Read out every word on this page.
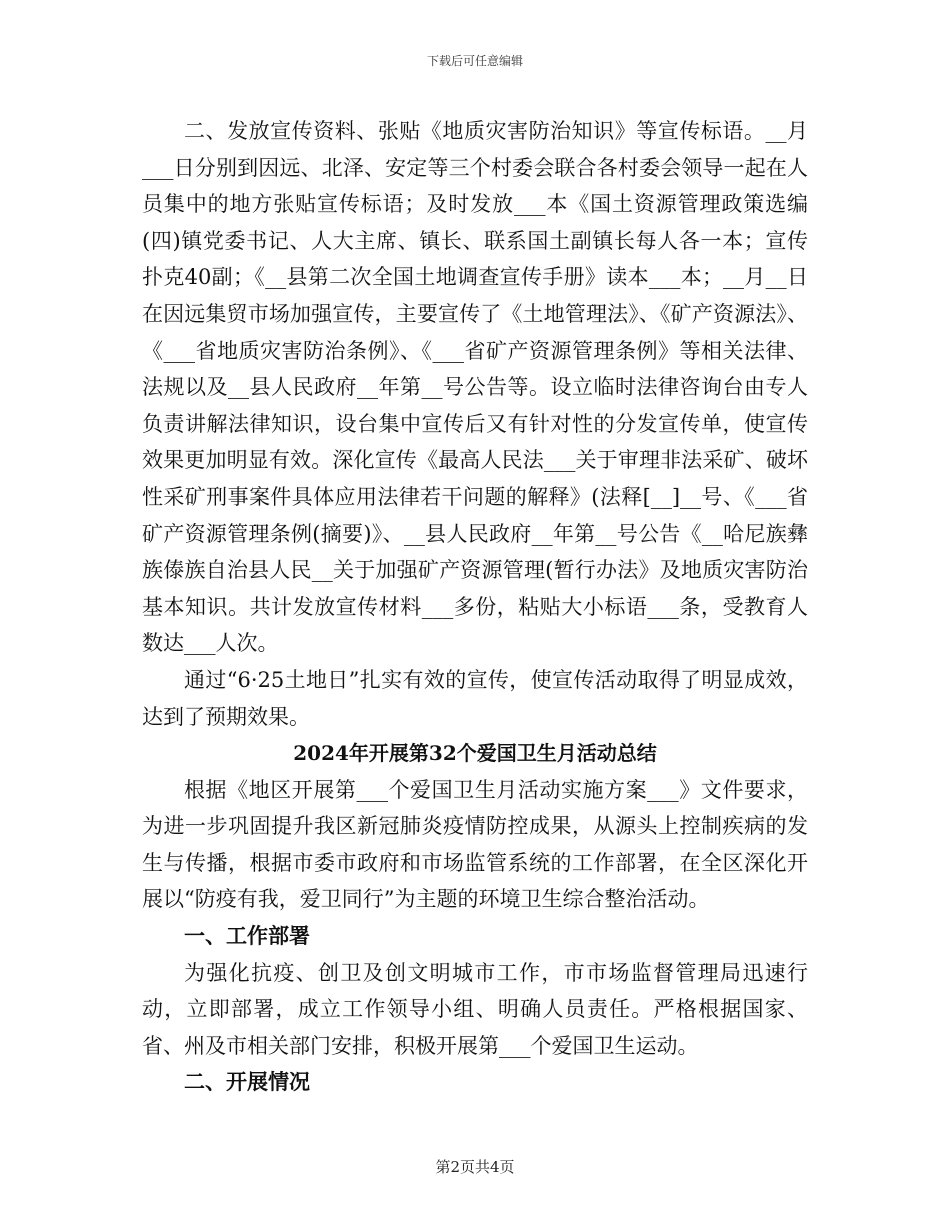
下载后可任意编辑

二、发放宣传资料、张贴《地质灾害防治知识》等宣传标语。__月___日分别到因远、北泽、安定等三个村委会联合各村委会领导一起在人员集中的地方张贴宣传标语；及时发放___本《国土资源管理政策选编(四)镇党委书记、人大主席、镇长、联系国土副镇长每人各一本；宣传扑克40副；《__县第二次全国土地调查宣传手册》读本___本；__月__日在因远集贸市场加强宣传，主要宣传了《土地管理法》、《矿产资源法》、《___省地质灾害防治条例》、《___省矿产资源管理条例》等相关法律、法规以及__县人民政府__年第__号公告等。设立临时法律咨询台由专人负责讲解法律知识，设台集中宣传后又有针对性的分发宣传单，使宣传效果更加明显有效。深化宣传《最高人民法___关于审理非法采矿、破坏性采矿刑事案件具体应用法律若干问题的解释》(法释[__]__号、《___省矿产资源管理条例(摘要)》、__县人民政府__年第__号公告《__哈尼族彝族傣族自治县人民__关于加强矿产资源管理(暂行办法》及地质灾害防治基本知识。共计发放宣传材料___多份，粘贴大小标语___条，受教育人数达___人次。

通过“6·25土地日”扎实有效的宣传，使宣传活动取得了明显成效，达到了预期效果。

2024年开展第32个爱国卫生月活动总结

根据《地区开展第___个爱国卫生月活动实施方案___》文件要求，为进一步巩固提升我区新冠肺炎疫情防控成果，从源头上控制疾病的发生与传播，根据市委市政府和市场监管系统的工作部署，在全区深化开展以“防疫有我，爱卫同行”为主题的环境卫生综合整治活动。

一、工作部署

为强化抗疫、创卫及创文明城市工作，市市场监督管理局迅速行动，立即部署，成立工作领导小组、明确人员责任。严格根据国家、省、州及市相关部门安排，积极开展第___个爱国卫生运动。

二、开展情况

第2页共4页
